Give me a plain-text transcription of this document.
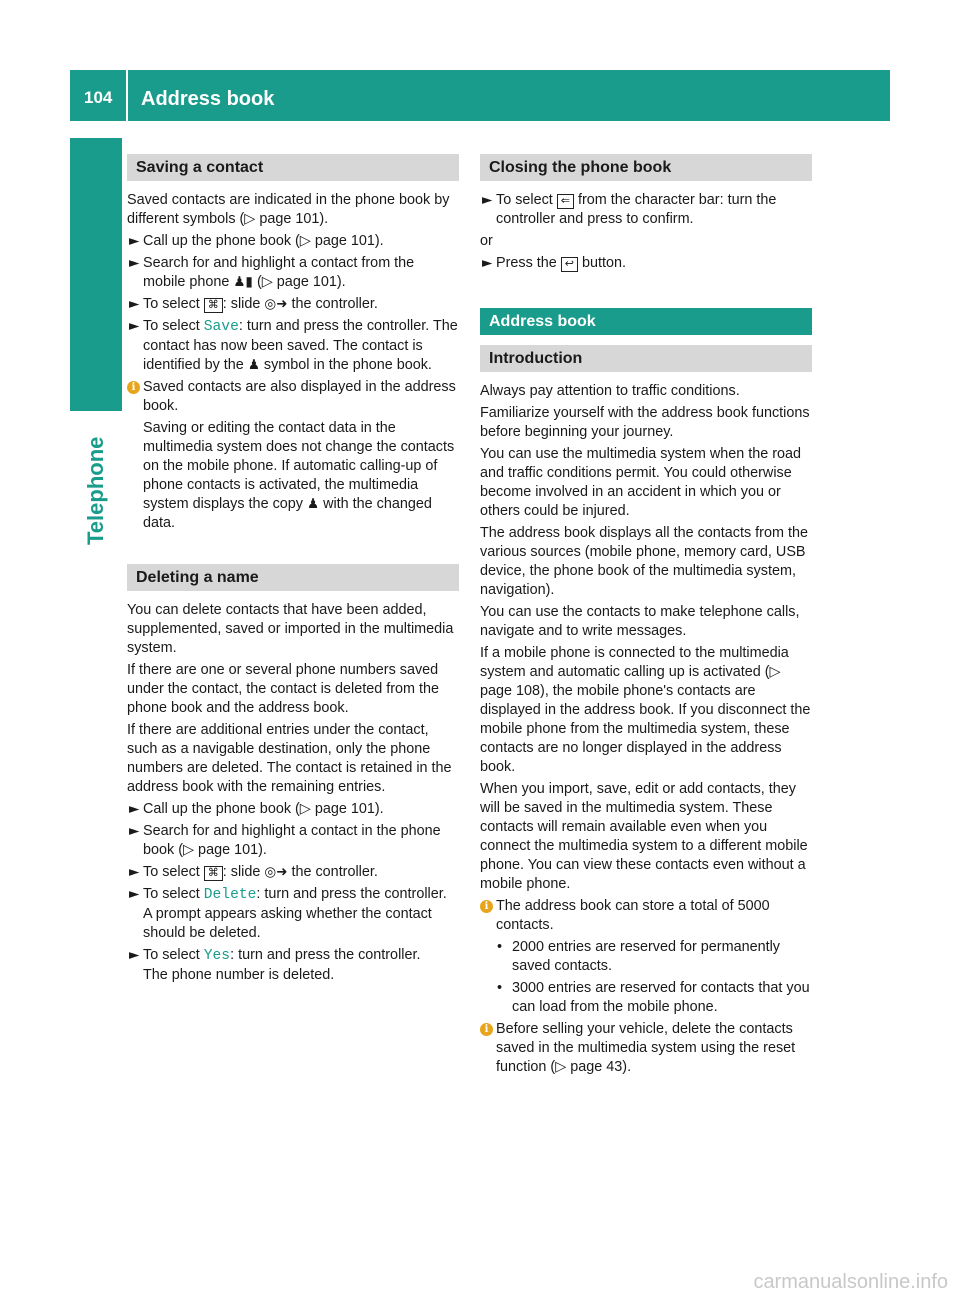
104 Address book
Telephone
Saving a contact

Saved contacts are indicated in the phone book by different symbols (▷ page 101).

► Call up the phone book (▷ page 101).
► Search for and highlight a contact from the mobile phone ♟▮ (▷ page 101).
► To select ⌘ : slide ◎➜ the controller.
► To select Save: turn and press the controller. The contact has now been saved. The contact is identified by the ♟ symbol in the phone book.
i Saved contacts are also displayed in the address book.

Saving or editing the contact data in the multimedia system does not change the contacts on the mobile phone. If automatic calling-up of phone contacts is activated, the multimedia system displays the copy ♟ with the changed data.

Deleting a name

You can delete contacts that have been added, supplemented, saved or imported in the multimedia system.

If there are one or several phone numbers saved under the contact, the contact is deleted from the phone book and the address book.

If there are additional entries under the contact, such as a navigable destination, only the phone numbers are deleted. The contact is retained in the address book with the remaining entries.

► Call up the phone book (▷ page 101).
► Search for and highlight a contact in the phone book (▷ page 101).
► To select ⌘ : slide ◎➜ the controller.
► To select Delete: turn and press the controller.
A prompt appears asking whether the contact should be deleted.
► To select Yes: turn and press the controller.
The phone number is deleted.
Closing the phone book
► To select ⇐ from the character bar: turn the controller and press to confirm.

or

► Press the ↩ button.
Address book
Introduction

Always pay attention to traffic conditions.

Familiarize yourself with the address book functions before beginning your journey.

You can use the multimedia system when the road and traffic conditions permit. You could otherwise become involved in an accident in which you or others could be injured.

The address book displays all the contacts from the various sources (mobile phone, memory card, USB device, the phone book of the multimedia system, navigation).

You can use the contacts to make telephone calls, navigate and to write messages.

If a mobile phone is connected to the multimedia system and automatic calling up is activated (▷ page 108), the mobile phone's contacts are displayed in the address book. If you disconnect the mobile phone from the multimedia system, these contacts are no longer displayed in the address book.

When you import, save, edit or add contacts, they will be saved in the multimedia system. These contacts will remain available even when you connect the multimedia system to a different mobile phone. You can view these contacts even without a mobile phone.

i The address book can store a total of 5000 contacts.

• 2000 entries are reserved for permanently saved contacts.
• 3000 entries are reserved for contacts that you can load from the mobile phone.
i Before selling your vehicle, delete the contacts saved in the multimedia system using the reset function (▷ page 43).

carmanualsonline.info
